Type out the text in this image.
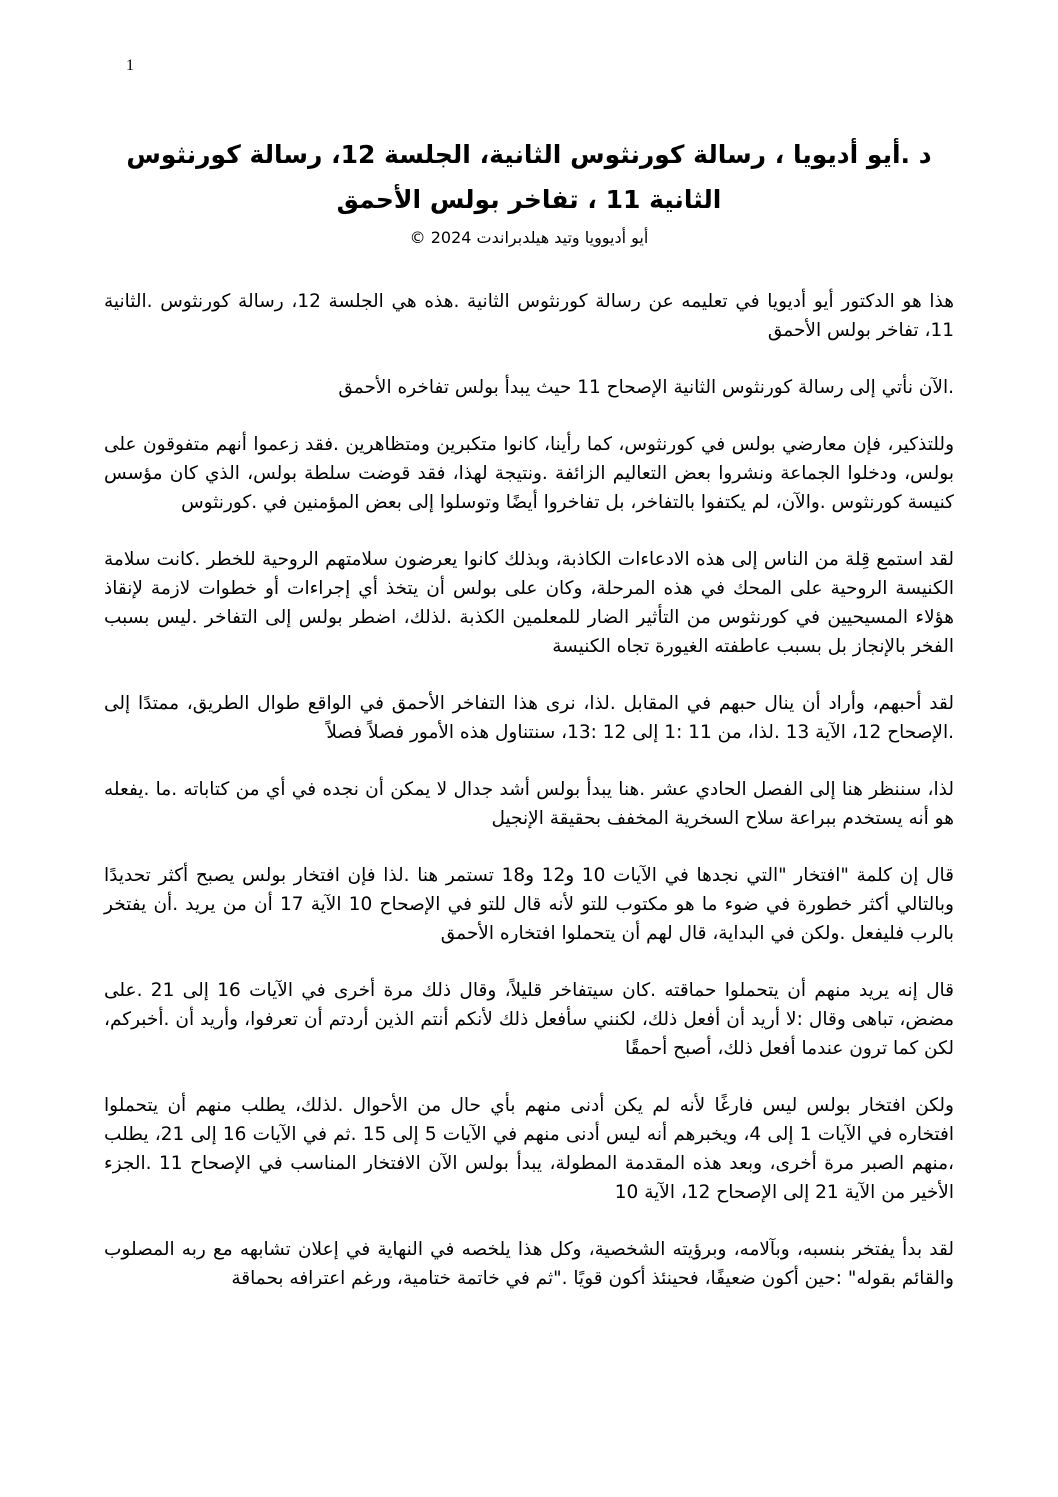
1
د .أيو أديويا ، رسالة كورنثوس الثانية، الجلسة 12، رسالة كورنثوس
الثانية 11 ، تفاخر بولس الأحمق
أيو أديوويا وتيد هيلدبراندت 2024 ©

هذا هو الدكتور أيو أديويا في تعليمه عن رسالة كورنثوس الثانية .هذه هي الجلسة 12، رسالة كورنثوس .الثانية 11، تفاخر بولس الأحمق

.الآن نأتي إلى رسالة كورنثوس الثانية الإصحاح 11 حيث يبدأ بولس تفاخره الأحمق

وللتذكير، فإن معارضي بولس في كورنثوس، كما رأينا، كانوا متكبرين ومتظاهرين .فقد زعموا أنهم متفوقون على بولس، ودخلوا الجماعة ونشروا بعض التعاليم الزائفة .ونتيجة لهذا، فقد قوضت سلطة بولس، الذي كان مؤسس كنيسة كورنثوس .والآن، لم يكتفوا بالتفاخر، بل تفاخروا أيضًا وتوسلوا إلى بعض المؤمنين في .كورنثوس

لقد استمع قِلة من الناس إلى هذه الادعاءات الكاذبة، وبذلك كانوا يعرضون سلامتهم الروحية للخطر .كانت سلامة الكنيسة الروحية على المحك في هذه المرحلة، وكان على بولس أن يتخذ أي إجراءات أو خطوات لازمة لإنقاذ هؤلاء المسيحيين في كورنثوس من التأثير الضار للمعلمين الكذبة .لذلك، اضطر بولس إلى التفاخر .ليس بسبب الفخر بالإنجاز بل بسبب عاطفته الغيورة تجاه الكنيسة

لقد أحبهم، وأراد أن ينال حبهم في المقابل .لذا، نرى هذا التفاخر الأحمق في الواقع طوال الطريق، ممتدًا إلى .الإصحاح 12، الآية 13 .لذا، من 11 :1 إلى 12 :13، سنتناول هذه الأمور فصلاً فصلاً

لذا، سننظر هنا إلى الفصل الحادي عشر .هنا يبدأ بولس أشد جدال لا يمكن أن نجده في أي من كتاباته .ما .يفعله هو أنه يستخدم ببراعة سلاح السخرية المخفف بحقيقة الإنجيل

قال إن كلمة "افتخار "التي نجدها في الآيات 10 و12 و18 تستمر هنا .لذا فإن افتخار بولس يصبح أكثر تحديدًا وبالتالي أكثر خطورة في ضوء ما هو مكتوب للتو لأنه قال للتو في الإصحاح 10 الآية 17 أن من يريد .أن يفتخر بالرب فليفعل .ولكن في البداية، قال لهم أن يتحملوا افتخاره الأحمق

قال إنه يريد منهم أن يتحملوا حماقته .كان سيتفاخر قليلاً، وقال ذلك مرة أخرى في الآيات 16 إلى 21 .على مضض، تباهى وقال :لا أريد أن أفعل ذلك، لكنني سأفعل ذلك لأنكم أنتم الذين أردتم أن تعرفوا، وأريد أن .أخبركم، لكن كما ترون عندما أفعل ذلك، أصبح أحمقًا

ولكن افتخار بولس ليس فارغًا لأنه لم يكن أدنى منهم بأي حال من الأحوال .لذلك، يطلب منهم أن يتحملوا افتخاره في الآيات 1 إلى 4، ويخبرهم أنه ليس أدنى منهم في الآيات 5 إلى 15 .ثم في الآيات 16 إلى 21، يطلب ،منهم الصبر مرة أخرى، وبعد هذه المقدمة المطولة، يبدأ بولس الآن الافتخار المناسب في الإصحاح 11 .الجزء الأخير من الآية 21 إلى الإصحاح 12، الآية 10

لقد بدأ يفتخر بنسبه، وبآلامه، وبرؤيته الشخصية، وكل هذا يلخصه في النهاية في إعلان تشابهه مع ربه المصلوب والقائم بقوله" :حين أكون ضعيفًا، فحينئذ أكون قويًا ."ثم في خاتمة ختامية، ورغم اعترافه بحماقة
